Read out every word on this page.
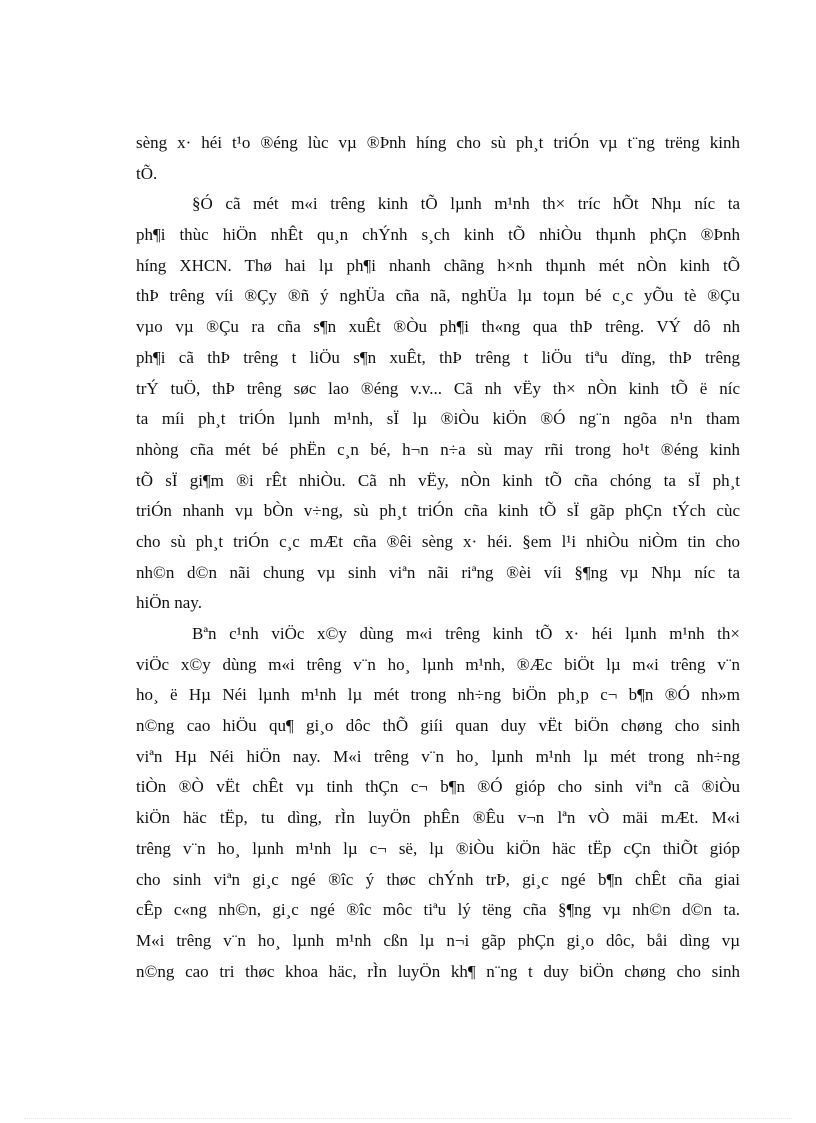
sèng x· héi t¹o ®éng lùc vµ ®Þnh híng cho sù ph¸t triÓn vµ t¨ng trëng kinh
tÕ.
§Ó cã mét m«i trêng kinh tÕ lµnh m¹nh th× tríc hÕt Nhµ níc ta
ph¶i thùc hiÖn nhÊt qu¸n chÝnh s¸ch kinh tÕ nhiÒu thµnh phÇn ®Þnh
híng XHCN. Thø hai lµ ph¶i nhanh chãng h×nh thµnh mét nÒn kinh tÕ
thÞ trêng víi ®Çy ®ñ ý nghÜa cña nã, nghÜa lµ toµn bé c¸c yÕu tè ®Çu
vµo vµ ®Çu ra cña s¶n xuÊt ®Òu ph¶i th«ng qua thÞ trêng. VÝ dô nh
ph¶i cã thÞ trêng t liÖu s¶n xuÊt, thÞ trêng t liÖu tiªu dïng, thÞ trêng
trÝ tuÖ, thÞ trêng søc lao ®éng v.v... Cã nh vËy th× nÒn kinh tÕ ë níc
ta míi ph¸t triÓn lµnh m¹nh, sÏ lµ ®iÒu kiÖn ®Ó ng¨n ngõa n¹n tham
nhòng cña mét bé phËn c¸n bé, h¬n n÷a sù may rñi trong ho¹t ®éng kinh
tÕ sÏ gi¶m ®i rÊt nhiÒu. Cã nh vËy, nÒn kinh tÕ cña chóng ta sÏ ph¸t
triÓn nhanh vµ bÒn v÷ng, sù ph¸t triÓn cña kinh tÕ sÏ gãp phÇn tÝch cùc
cho sù ph¸t triÓn c¸c mÆt cña ®êi sèng x· héi. §em l¹i nhiÒu niÒm tin cho
nh©n d©n nãi chung vµ sinh viªn nãi riªng ®èi víi §¶ng vµ Nhµ níc ta
hiÖn nay.
Bªn c¹nh viÖc x©y dùng m«i trêng kinh tÕ x· héi lµnh m¹nh th×
viÖc x©y dùng m«i trêng v¨n ho¸ lµnh m¹nh, ®Æc biÖt lµ m«i trêng v¨n
ho¸ ë Hµ Néi lµnh m¹nh lµ mét trong nh÷ng biÖn ph¸p c¬ b¶n ®Ó nh»m
n©ng cao hiÖu qu¶ gi¸o dôc thÕ giíi quan duy vËt biÖn chøng cho sinh
viªn Hµ Néi hiÖn nay. M«i trêng v¨n ho¸ lµnh m¹nh lµ mét trong nh÷ng
tiÒn ®Ò vËt chÊt vµ tinh thÇn c¬ b¶n ®Ó gióp cho sinh viªn cã ®iÒu
kiÖn häc tËp, tu dìng, rÌn luyÖn phÊn ®Êu v¬n lªn vÒ mäi mÆt. M«i
trêng v¨n ho¸ lµnh m¹nh lµ c¬ së, lµ ®iÒu kiÖn häc tËp cÇn thiÕt gióp
cho sinh viªn gi¸c ngé ®îc ý thøc chÝnh trÞ, gi¸c ngé b¶n chÊt cña giai
cÊp c«ng nh©n, gi¸c ngé ®îc môc tiªu lý tëng cña §¶ng vµ nh©n d©n ta.
M«i trêng v¨n ho¸ lµnh m¹nh cßn lµ n¬i gãp phÇn gi¸o dôc, båi dìng vµ
n©ng cao tri thøc khoa häc, rÌn luyÖn kh¶ n¨ng t duy biÖn chøng cho sinh
